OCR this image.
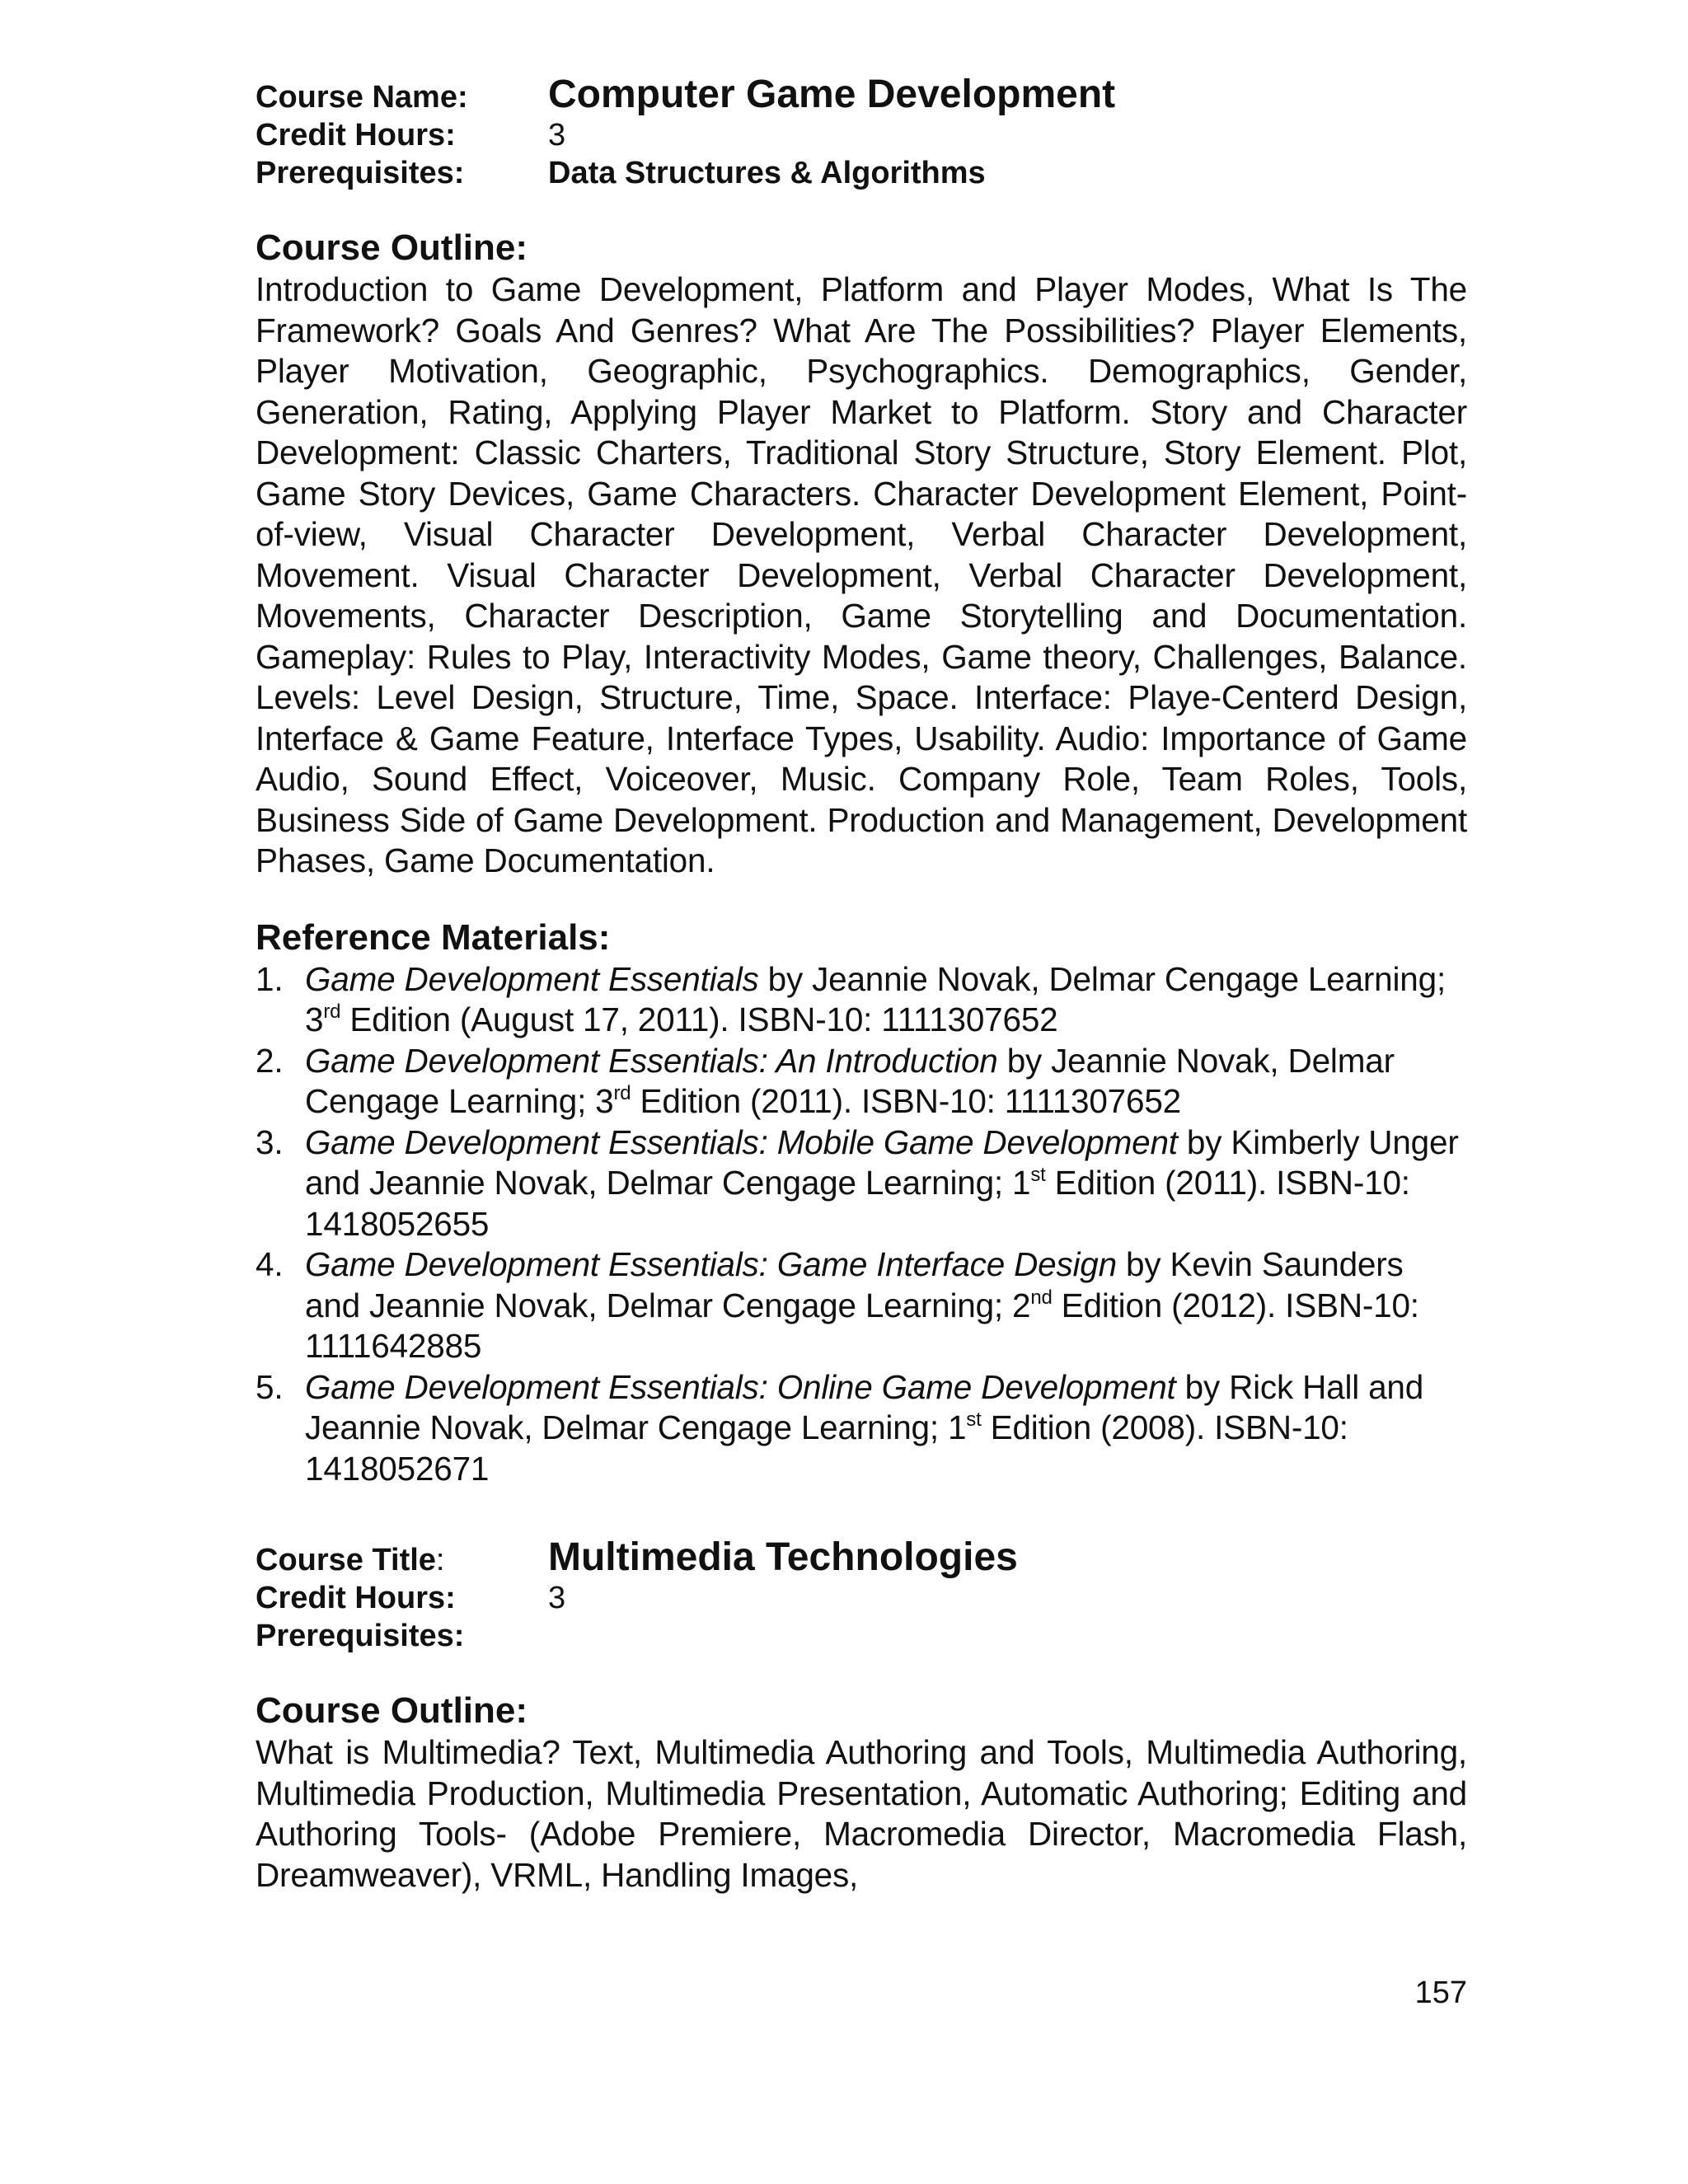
Course Name:	Computer Game Development
Credit Hours:	3
Prerequisites:	Data Structures & Algorithms
Course Outline:

Introduction to Game Development, Platform and Player Modes, What Is The Framework? Goals And Genres? What Are The Possibilities? Player Elements, Player Motivation, Geographic, Psychographics. Demographics, Gender, Generation, Rating, Applying Player Market to Platform. Story and Character Development: Classic Charters, Traditional Story Structure, Story Element. Plot, Game Story Devices, Game Characters. Character Development Element, Point-of-view, Visual Character Development, Verbal Character Development, Movement. Visual Character Development, Verbal Character Development, Movements, Character Description, Game Storytelling and Documentation. Gameplay: Rules to Play, Interactivity Modes, Game theory, Challenges, Balance. Levels: Level Design, Structure, Time, Space. Interface: Playe-Centerd Design, Interface & Game Feature, Interface Types, Usability. Audio: Importance of Game Audio, Sound Effect, Voiceover, Music. Company Role, Team Roles, Tools, Business Side of Game Development. Production and Management, Development Phases, Game Documentation.

Reference Materials:
1. Game Development Essentials by Jeannie Novak, Delmar Cengage Learning; 3rd Edition (August 17, 2011). ISBN-10: 1111307652
2. Game Development Essentials: An Introduction by Jeannie Novak, Delmar Cengage Learning; 3rd Edition (2011). ISBN-10: 1111307652
3. Game Development Essentials: Mobile Game Development by Kimberly Unger and Jeannie Novak, Delmar Cengage Learning; 1st Edition (2011). ISBN-10: 1418052655
4. Game Development Essentials: Game Interface Design by Kevin Saunders and Jeannie Novak, Delmar Cengage Learning; 2nd Edition (2012). ISBN-10: 1111642885
5. Game Development Essentials: Online Game Development by Rick Hall and Jeannie Novak, Delmar Cengage Learning; 1st Edition (2008). ISBN-10: 1418052671
Course Title:	Multimedia Technologies
Credit Hours:	3
Prerequisites:	
Course Outline:

What is Multimedia? Text, Multimedia Authoring and Tools, Multimedia Authoring, Multimedia Production, Multimedia Presentation, Automatic Authoring; Editing and Authoring Tools- (Adobe Premiere, Macromedia Director, Macromedia Flash, Dreamweaver), VRML, Handling Images,

157
